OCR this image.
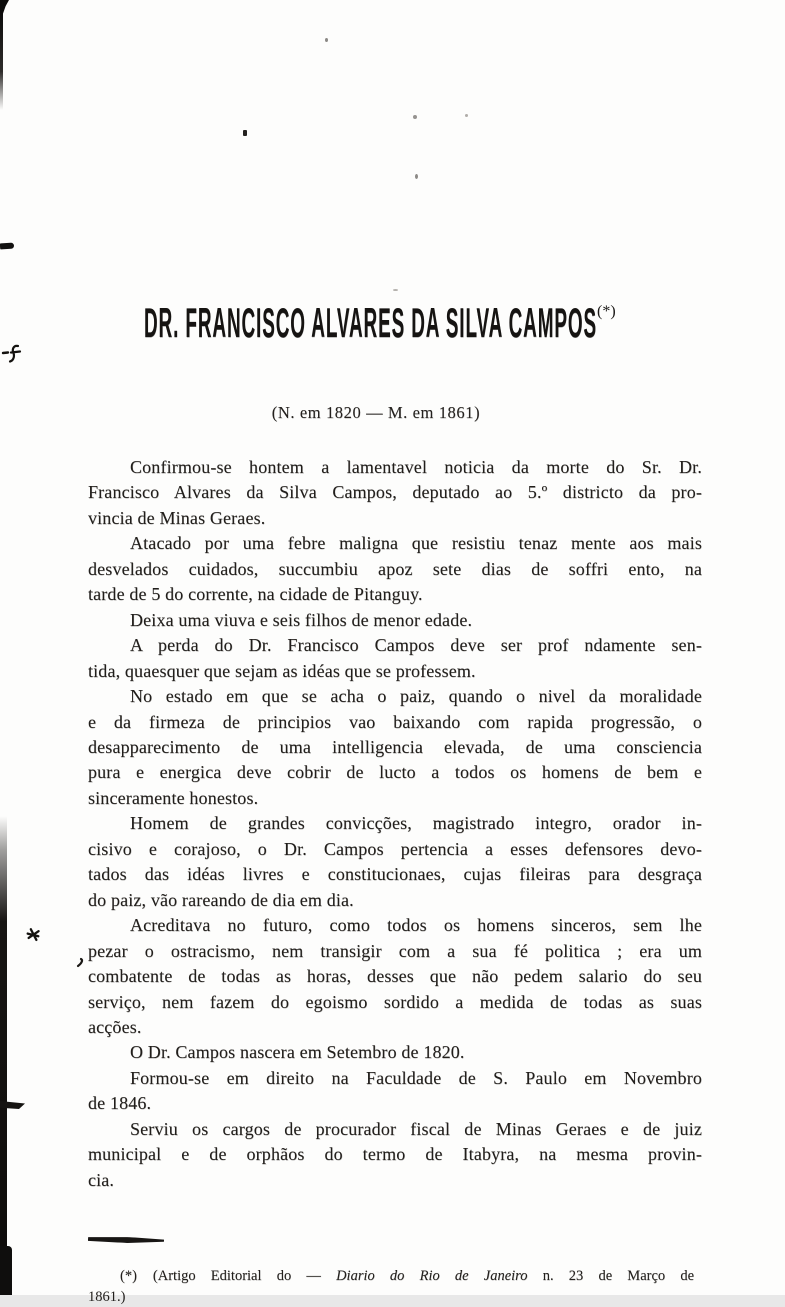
DR. FRANCISCO ALVARES DA SILVA CAMPOS (*)
(N. em 1820 — M. em 1861)
Confirmou-se hontem a lamentavel noticia da morte do Sr. Dr.
Francisco Alvares da Silva Campos, deputado ao 5.º districto da pro-
vincia de Minas Geraes.
Atacado por uma febre maligna que resistiu tenaz mente aos mais
desvelados cuidados, succumbiu apoz sete dias de soffri ento, na
tarde de 5 do corrente, na cidade de Pitanguy.
Deixa uma viuva e seis filhos de menor edade.
A perda do Dr. Francisco Campos deve ser prof ndamente sen-
tida, quaesquer que sejam as idéas que se professem.
No estado em que se acha o paiz, quando o nivel da moralidade
e da firmeza de principios vao baixando com rapida progressão, o
desapparecimento de uma intelligencia elevada, de uma consciencia
pura e energica deve cobrir de lucto a todos os homens de bem e
sinceramente honestos.
Homem de grandes convicções, magistrado integro, orador in-
cisivo e corajoso, o Dr. Campos pertencia a esses defensores devo-
tados das idéas livres e constitucionaes, cujas fileiras para desgraça
do paiz, vão rareando de dia em dia.
Acreditava no futuro, como todos os homens sinceros, sem lhe
pezar o ostracismo, nem transigir com a sua fé politica ; era um
combatente de todas as horas, desses que não pedem salario do seu
serviço, nem fazem do egoismo sordido a medida de todas as suas
acções.
O Dr. Campos nascera em Setembro de 1820.
Formou-se em direito na Faculdade de S. Paulo em Novembro
de 1846.
Serviu os cargos de procurador fiscal de Minas Geraes e de juiz
municipal e de orphãos do termo de Itabyra, na mesma provin-
cia.
(*) (Artigo Editorial do — Diario do Rio de Janeiro n. 23 de Março de
1861.)
